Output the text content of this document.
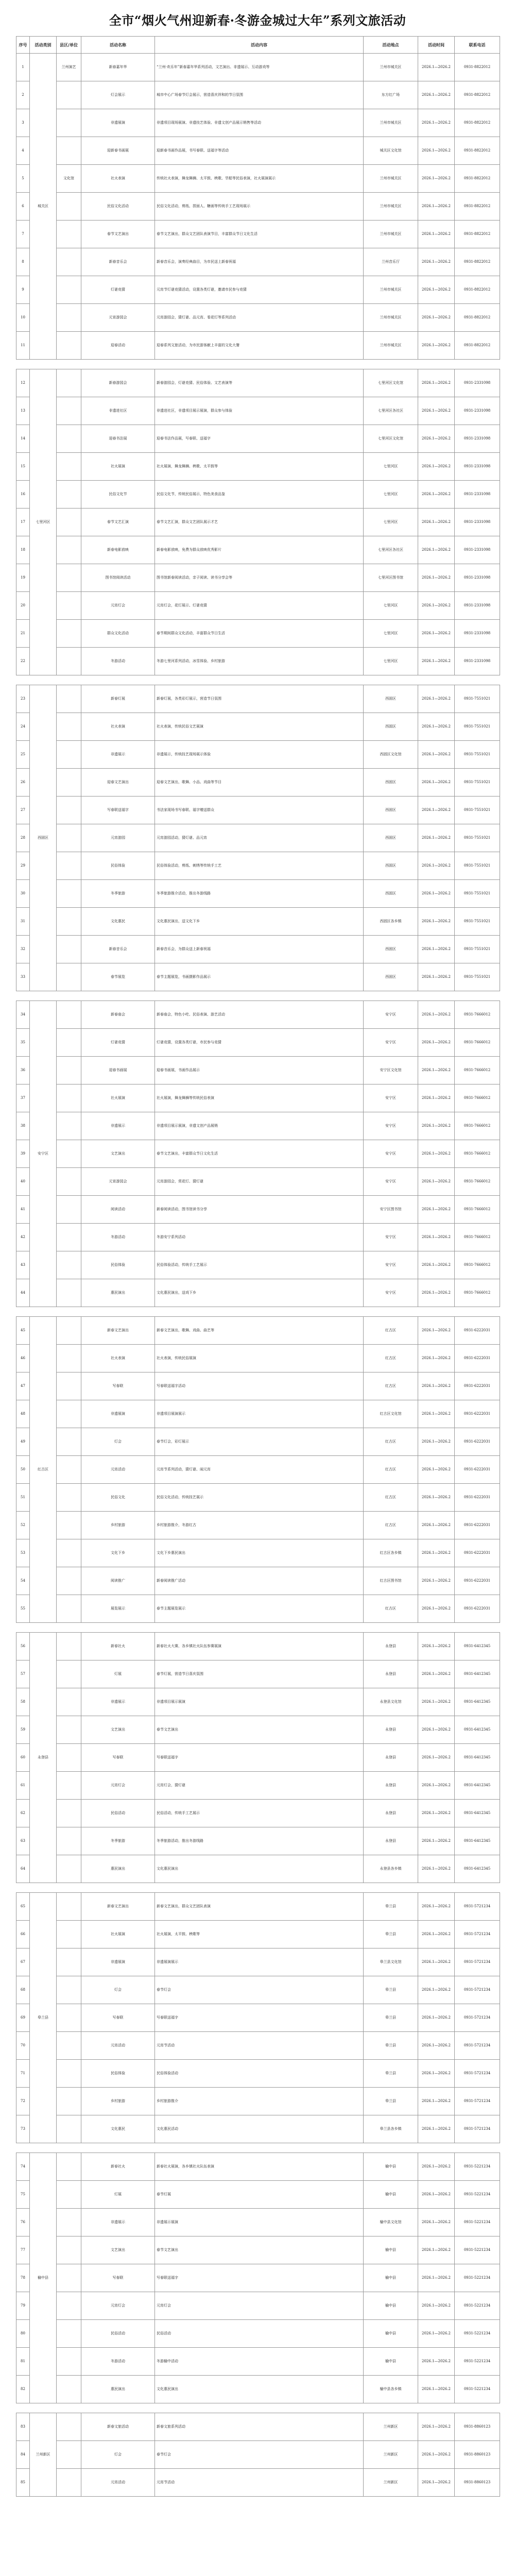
全市“烟火气州迎新春·冬游金城过大年”系列文旅活动
序号	活动类别	县区/单位	活动名称	活动内容	活动地点	活动时间	联系电话
1	城关区	兰州演艺	新春嘉年华	“兰州·欢乐年”新春嘉年华系列活动，文艺演出、非遗展示、互动游戏等	兰州市城关区	2026.1—2026.2	0931-8822012
2			灯会展示	城市中心广场春节灯会展示，营造喜庆祥和的节日氛围	东方红广场	2026.1—2026.2	0931-8822012
3			非遗展演	非遗项目现场展演、非遗技艺体验、非遗文创产品展示销售等活动	兰州市城关区	2026.1—2026.2	0931-8822012
4			迎新春书画展	迎新春书画作品展，书写春联、送福字等活动	城关区文化馆	2026.1—2026.2	0931-8822012
5		文化馆	社火表演	传统社火表演，舞龙舞狮、太平鼓、秧歌、旱船等民俗表演，社火展演展示	兰州市城关区	2026.1—2026.2	0931-8822012
6			民俗文化活动	民俗文化活动，剪纸、捏面人、糖画等传统手工艺现场展示	兰州市城关区	2026.1—2026.2	0931-8822012
7			春节文艺演出	春节文艺演出，群众文艺团队表演节目，丰富群众节日文化生活	兰州市城关区	2026.1—2026.2	0931-8822012
8			新春音乐会	新春音乐会，演奏经典曲目，为市民送上新春祝福	兰州音乐厅	2026.1—2026.2	0931-8822012
9			灯谜竞猜	元宵节灯谜竞猜活动，设置各类灯谜，邀请市民参与竞猜	兰州市城关区	2026.1—2026.2	0931-8822012
10			元宵游园会	元宵游园会，猜灯谜、品元宵、看花灯等系列活动	兰州市城关区	2026.1—2026.2	0931-8822012
11			迎春活动	迎春系列文旅活动，为市民游客献上丰富的文化大餐	兰州市城关区	2026.1—2026.2	0931-8822012

12	七里河区		新春游园会	新春游园会，灯谜竞猜、民俗体验、文艺表演等	七里河区文化馆	2026.1—2026.2	0931-2331098
13			非遗进社区	非遗进社区，非遗项目展示展演，群众参与体验	七里河区各社区	2026.1—2026.2	0931-2331098
14			迎春书法展	迎春书法作品展，写春联、送福字	七里河区文化馆	2026.1—2026.2	0931-2331098
15			社火展演	社火展演，舞龙舞狮、秧歌、太平鼓等	七里河区	2026.1—2026.2	0931-2331098
16			民俗文化节	民俗文化节，传统民俗展示，特色美食品鉴	七里河区	2026.1—2026.2	0931-2331098
17			春节文艺汇演	春节文艺汇演，群众文艺团队展示才艺	七里河区	2026.1—2026.2	0931-2331098
18			新春电影放映	新春电影放映，免费为群众放映优秀影片	七里河区各社区	2026.1—2026.2	0931-2331098
19			图书馆阅读活动	图书馆新春阅读活动，亲子阅读、读书分享会等	七里河区图书馆	2026.1—2026.2	0931-2331098
20			元宵灯会	元宵灯会，花灯展示、灯谜竞猜	七里河区	2026.1—2026.2	0931-2331098
21			群众文化活动	春节期间群众文化活动，丰富群众节日生活	七里河区	2026.1—2026.2	0931-2331098
22			冬游活动	冬游七里河系列活动，冰雪体验、乡村旅游	七里河区	2026.1—2026.2	0931-2331098

23	西固区		新春灯展	新春灯展，各类彩灯展示，营造节日氛围	西固区	2026.1—2026.2	0931-7551021
24			社火表演	社火表演，传统民俗文艺展演	西固区	2026.1—2026.2	0931-7551021
25			非遗展示	非遗展示，传统技艺现场展示体验	西固区文化馆	2026.1—2026.2	0931-7551021
26			迎春文艺演出	迎春文艺演出，歌舞、小品、戏曲等节目	西固区	2026.1—2026.2	0931-7551021
27			写春联送福字	书法家现场书写春联、福字赠送群众	西固区	2026.1—2026.2	0931-7551021
28			元宵游园	元宵游园活动，猜灯谜、品元宵	西固区	2026.1—2026.2	0931-7551021
29			民俗体验	民俗体验活动，剪纸、刺绣等传统手工艺	西固区	2026.1—2026.2	0931-7551021
30			冬季旅游	冬季旅游推介活动，推出冬游线路	西固区	2026.1—2026.2	0931-7551021
31			文化惠民	文化惠民演出，送文化下乡	西固区各乡镇	2026.1—2026.2	0931-7551021
32			新春音乐会	新春音乐会，为群众送上新春祝福	西固区	2026.1—2026.2	0931-7551021
33			春节展览	春节主题展览，书画摄影作品展示	西固区	2026.1—2026.2	0931-7551021

34	安宁区		新春庙会	新春庙会，特色小吃、民俗表演、游艺活动	安宁区	2026.1—2026.2	0931-7666012
35			灯谜竞猜	灯谜竞猜，设置各类灯谜，市民参与竞猜	安宁区	2026.1—2026.2	0931-7666012
36			迎春书画展	迎春书画展，书画作品展示	安宁区文化馆	2026.1—2026.2	0931-7666012
37			社火展演	社火展演，舞龙舞狮等传统民俗表演	安宁区	2026.1—2026.2	0931-7666012
38			非遗展示	非遗项目展示展演，非遗文创产品展销	安宁区	2026.1—2026.2	0931-7666012
39			文艺演出	春节文艺演出，丰富群众节日文化生活	安宁区	2026.1—2026.2	0931-7666012
40			元宵游园会	元宵游园会，赏花灯、猜灯谜	安宁区	2026.1—2026.2	0931-7666012
41			阅读活动	新春阅读活动，图书馆读书分享	安宁区图书馆	2026.1—2026.2	0931-7666012
42			冬游活动	冬游安宁系列活动	安宁区	2026.1—2026.2	0931-7666012
43			民俗体验	民俗体验活动，传统手工艺展示	安宁区	2026.1—2026.2	0931-7666012
44			惠民演出	文化惠民演出，送戏下乡	安宁区	2026.1—2026.2	0931-7666012

45	红古区		新春文艺演出	新春文艺演出，歌舞、戏曲、曲艺等	红古区	2026.1—2026.2	0931-6222031
46			社火表演	社火表演，传统民俗展演	红古区	2026.1—2026.2	0931-6222031
47			写春联	写春联送福字活动	红古区	2026.1—2026.2	0931-6222031
48			非遗展演	非遗项目展演展示	红古区文化馆	2026.1—2026.2	0931-6222031
49			灯会	春节灯会，彩灯展示	红古区	2026.1—2026.2	0931-6222031
50			元宵活动	元宵节系列活动，猜灯谜、闹元宵	红古区	2026.1—2026.2	0931-6222031
51			民俗文化	民俗文化活动，传统技艺展示	红古区	2026.1—2026.2	0931-6222031
52			乡村旅游	乡村旅游推介，冬游红古	红古区	2026.1—2026.2	0931-6222031
53			文化下乡	文化下乡惠民演出	红古区各乡镇	2026.1—2026.2	0931-6222031
54			阅读推广	新春阅读推广活动	红古区图书馆	2026.1—2026.2	0931-6222031
55			展览展示	春节主题展览展示	红古区	2026.1—2026.2	0931-6222031

56	永登县		新春社火	新春社火大赛，各乡镇社火队伍参赛展演	永登县	2026.1—2026.2	0931-6412345
57			灯展	春节灯展，营造节日喜庆氛围	永登县	2026.1—2026.2	0931-6412345
58			非遗展示	非遗项目展示展演	永登县文化馆	2026.1—2026.2	0931-6412345
59			文艺演出	春节文艺演出	永登县	2026.1—2026.2	0931-6412345
60			写春联	写春联送福字	永登县	2026.1—2026.2	0931-6412345
61			元宵灯会	元宵灯会，猜灯谜	永登县	2026.1—2026.2	0931-6412345
62			民俗活动	民俗活动，传统手工艺展示	永登县	2026.1—2026.2	0931-6412345
63			冬季旅游	冬季旅游活动，推出冬游线路	永登县	2026.1—2026.2	0931-6412345
64			惠民演出	文化惠民演出	永登县各乡镇	2026.1—2026.2	0931-6412345

65	皋兰县		新春文艺演出	新春文艺演出，群众文艺团队表演	皋兰县	2026.1—2026.2	0931-5721234
66			社火展演	社火展演，太平鼓、秧歌等	皋兰县	2026.1—2026.2	0931-5721234
67			非遗展演	非遗展演展示	皋兰县文化馆	2026.1—2026.2	0931-5721234
68			灯会	春节灯会	皋兰县	2026.1—2026.2	0931-5721234
69			写春联	写春联送福字	皋兰县	2026.1—2026.2	0931-5721234
70			元宵活动	元宵节活动	皋兰县	2026.1—2026.2	0931-5721234
71			民俗体验	民俗体验活动	皋兰县	2026.1—2026.2	0931-5721234
72			乡村旅游	乡村旅游推介	皋兰县	2026.1—2026.2	0931-5721234
73			文化惠民	文化惠民活动	皋兰县各乡镇	2026.1—2026.2	0931-5721234

74	榆中县		新春社火	新春社火展演，各乡镇社火队伍表演	榆中县	2026.1—2026.2	0931-5221234
75			灯展	春节灯展	榆中县	2026.1—2026.2	0931-5221234
76			非遗展示	非遗展示展演	榆中县文化馆	2026.1—2026.2	0931-5221234
77			文艺演出	春节文艺演出	榆中县	2026.1—2026.2	0931-5221234
78			写春联	写春联送福字	榆中县	2026.1—2026.2	0931-5221234
79			元宵灯会	元宵灯会	榆中县	2026.1—2026.2	0931-5221234
80			民俗活动	民俗活动	榆中县	2026.1—2026.2	0931-5221234
81			冬游活动	冬游榆中活动	榆中县	2026.1—2026.2	0931-5221234
82			惠民演出	文化惠民演出	榆中县各乡镇	2026.1—2026.2	0931-5221234

83	兰州新区		新春文旅活动	新春文旅系列活动	兰州新区	2026.1—2026.2	0931-8860123
84			灯会	春节灯会	兰州新区	2026.1—2026.2	0931-8860123
85			元宵活动	元宵节活动	兰州新区	2026.1—2026.2	0931-8860123
